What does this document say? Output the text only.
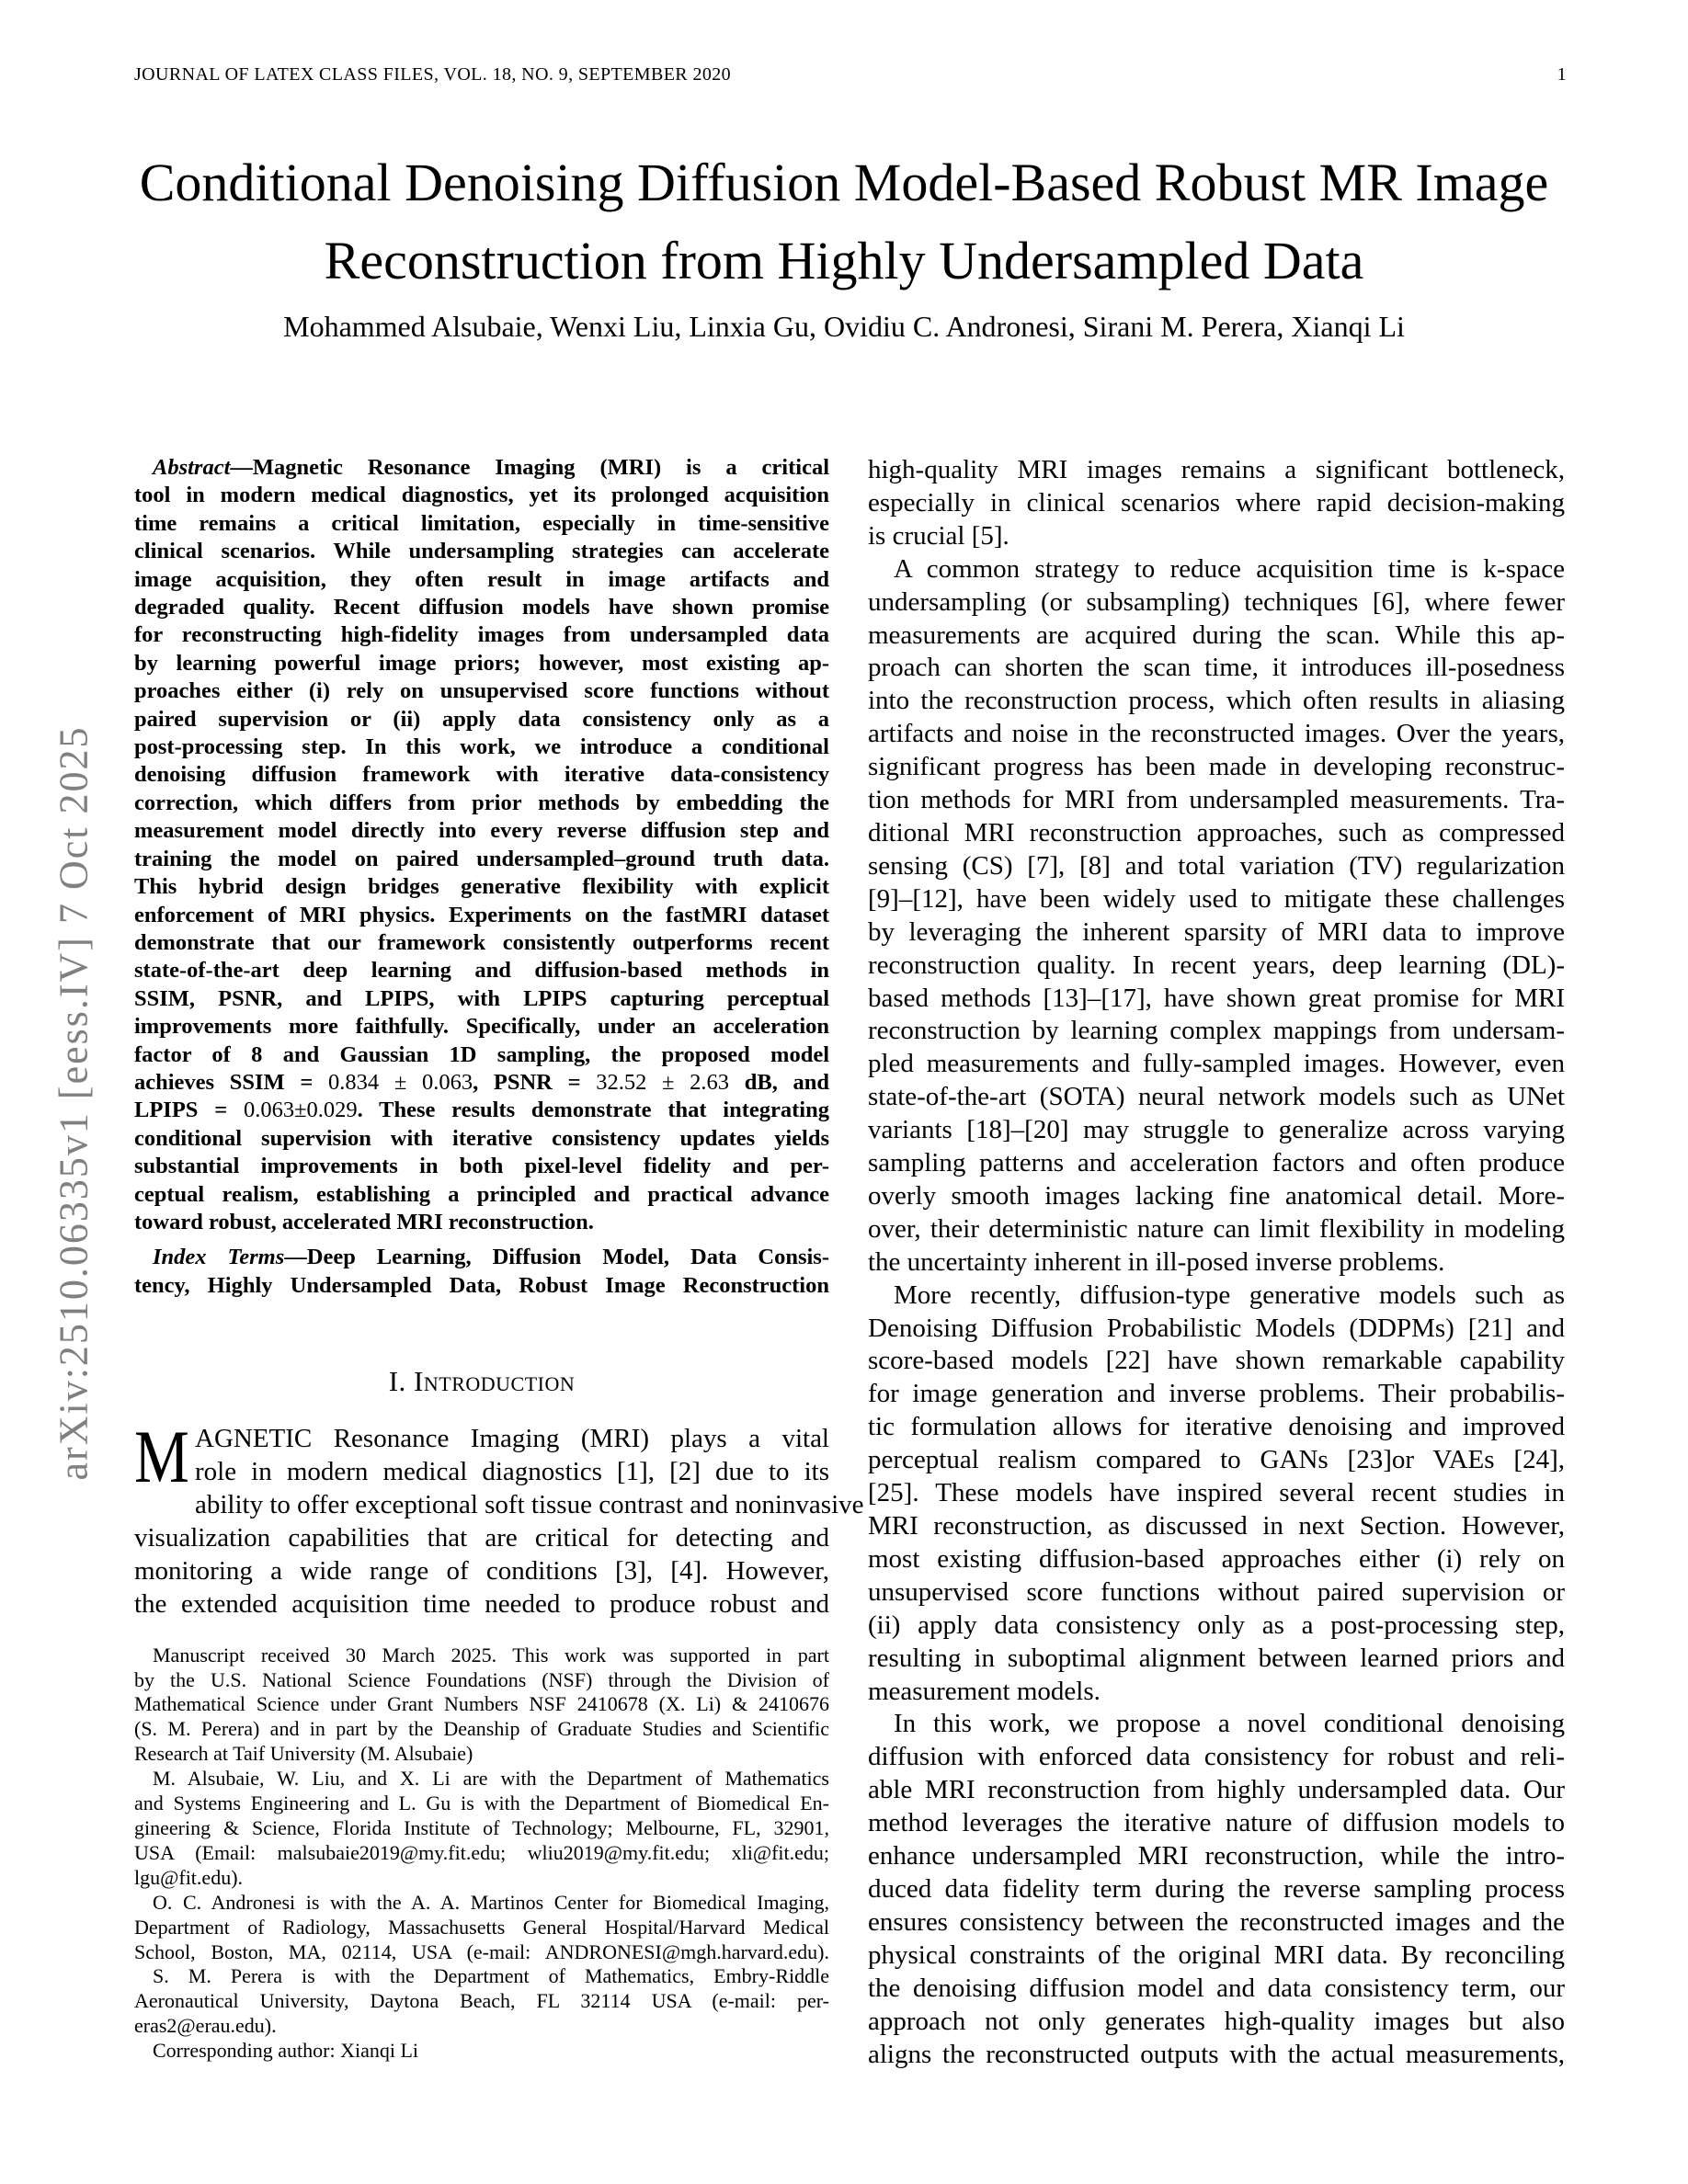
JOURNAL OF LATEX CLASS FILES, VOL. 18, NO. 9, SEPTEMBER 2020	1
arXiv:2510.06335v1 [eess.IV] 7 Oct 2025
Conditional Denoising Diffusion Model-Based Robust MR Image
Reconstruction from Highly Undersampled Data
Mohammed Alsubaie, Wenxi Liu, Linxia Gu, Ovidiu C. Andronesi, Sirani M. Perera, Xianqi Li
Abstract—Magnetic Resonance Imaging (MRI) is a critical
tool in modern medical diagnostics, yet its prolonged acquisition
time remains a critical limitation, especially in time-sensitive
clinical scenarios. While undersampling strategies can accelerate
image acquisition, they often result in image artifacts and
degraded quality. Recent diffusion models have shown promise
for reconstructing high-fidelity images from undersampled data
by learning powerful image priors; however, most existing ap-
proaches either (i) rely on unsupervised score functions without
paired supervision or (ii) apply data consistency only as a
post-processing step. In this work, we introduce a conditional
denoising diffusion framework with iterative data-consistency
correction, which differs from prior methods by embedding the
measurement model directly into every reverse diffusion step and
training the model on paired undersampled–ground truth data.
This hybrid design bridges generative flexibility with explicit
enforcement of MRI physics. Experiments on the fastMRI dataset
demonstrate that our framework consistently outperforms recent
state-of-the-art deep learning and diffusion-based methods in
SSIM, PSNR, and LPIPS, with LPIPS capturing perceptual
improvements more faithfully. Specifically, under an acceleration
factor of 8 and Gaussian 1D sampling, the proposed model
achieves SSIM = 0.834 ± 0.063, PSNR = 32.52 ± 2.63 dB, and
LPIPS = 0.063±0.029. These results demonstrate that integrating
conditional supervision with iterative consistency updates yields
substantial improvements in both pixel-level fidelity and per-
ceptual realism, establishing a principled and practical advance
toward robust, accelerated MRI reconstruction.
Index Terms—Deep Learning, Diffusion Model, Data Consis-
tency, Highly Undersampled Data, Robust Image Reconstruction
I. Introduction
M AGNETIC Resonance Imaging (MRI) plays a vital
role in modern medical diagnostics [1], [2] due to its
ability to offer exceptional soft tissue contrast and noninvasive
visualization capabilities that are critical for detecting and
monitoring a wide range of conditions [3], [4]. However,
the extended acquisition time needed to produce robust and
Manuscript received 30 March 2025. This work was supported in part
by the U.S. National Science Foundations (NSF) through the Division of
Mathematical Science under Grant Numbers NSF 2410678 (X. Li) & 2410676
(S. M. Perera) and in part by the Deanship of Graduate Studies and Scientific
Research at Taif University (M. Alsubaie)
M. Alsubaie, W. Liu, and X. Li are with the Department of Mathematics
and Systems Engineering and L. Gu is with the Department of Biomedical En-
gineering & Science, Florida Institute of Technology; Melbourne, FL, 32901,
USA (Email: malsubaie2019@my.fit.edu; wliu2019@my.fit.edu; xli@fit.edu;
lgu@fit.edu).
O. C. Andronesi is with the A. A. Martinos Center for Biomedical Imaging,
Department of Radiology, Massachusetts General Hospital/Harvard Medical
School, Boston, MA, 02114, USA (e-mail: ANDRONESI@mgh.harvard.edu).
S. M. Perera is with the Department of Mathematics, Embry-Riddle
Aeronautical University, Daytona Beach, FL 32114 USA (e-mail: per-
eras2@erau.edu).
Corresponding author: Xianqi Li
high-quality MRI images remains a significant bottleneck,
especially in clinical scenarios where rapid decision-making
is crucial [5].
A common strategy to reduce acquisition time is k-space
undersampling (or subsampling) techniques [6], where fewer
measurements are acquired during the scan. While this ap-
proach can shorten the scan time, it introduces ill-posedness
into the reconstruction process, which often results in aliasing
artifacts and noise in the reconstructed images. Over the years,
significant progress has been made in developing reconstruc-
tion methods for MRI from undersampled measurements. Tra-
ditional MRI reconstruction approaches, such as compressed
sensing (CS) [7], [8] and total variation (TV) regularization
[9]–[12], have been widely used to mitigate these challenges
by leveraging the inherent sparsity of MRI data to improve
reconstruction quality. In recent years, deep learning (DL)-
based methods [13]–[17], have shown great promise for MRI
reconstruction by learning complex mappings from undersam-
pled measurements and fully-sampled images. However, even
state-of-the-art (SOTA) neural network models such as UNet
variants [18]–[20] may struggle to generalize across varying
sampling patterns and acceleration factors and often produce
overly smooth images lacking fine anatomical detail. More-
over, their deterministic nature can limit flexibility in modeling
the uncertainty inherent in ill-posed inverse problems.
More recently, diffusion-type generative models such as
Denoising Diffusion Probabilistic Models (DDPMs) [21] and
score-based models [22] have shown remarkable capability
for image generation and inverse problems. Their probabilis-
tic formulation allows for iterative denoising and improved
perceptual realism compared to GANs [23]or VAEs [24],
[25]. These models have inspired several recent studies in
MRI reconstruction, as discussed in next Section. However,
most existing diffusion-based approaches either (i) rely on
unsupervised score functions without paired supervision or
(ii) apply data consistency only as a post-processing step,
resulting in suboptimal alignment between learned priors and
measurement models.
In this work, we propose a novel conditional denoising
diffusion with enforced data consistency for robust and reli-
able MRI reconstruction from highly undersampled data. Our
method leverages the iterative nature of diffusion models to
enhance undersampled MRI reconstruction, while the intro-
duced data fidelity term during the reverse sampling process
ensures consistency between the reconstructed images and the
physical constraints of the original MRI data. By reconciling
the denoising diffusion model and data consistency term, our
approach not only generates high-quality images but also
aligns the reconstructed outputs with the actual measurements,
